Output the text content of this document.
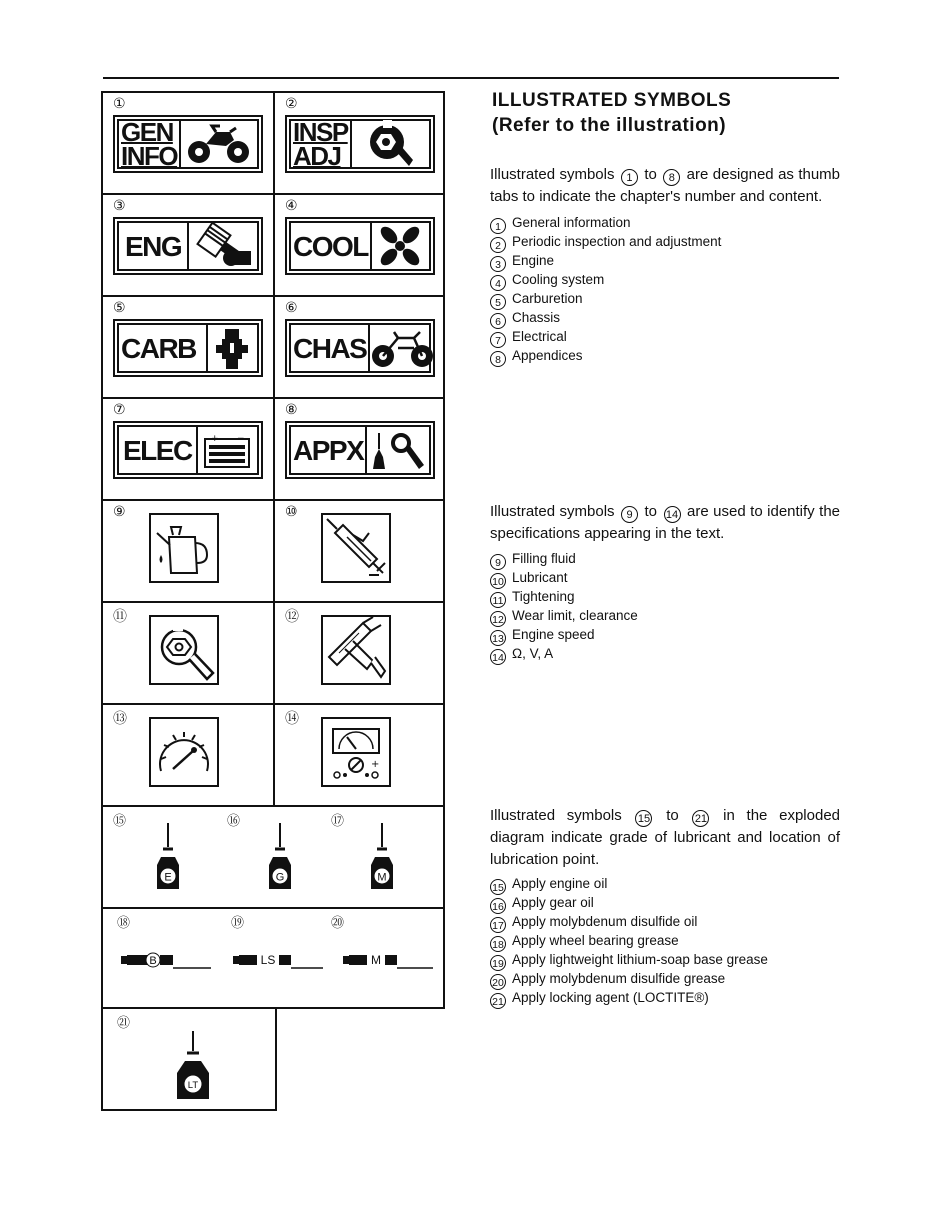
①
GEN
INFO
②
INSP
ADJ
③
ENG
④
COOL
⑤
CARB
⑥
CHAS
⑦
ELEC	+ −
⑧
APPX
⑨	⑩
⑪	⑫
⑬	⑭
+
⑮	⑯	⑰
E	G	M
⑱	⑲	⑳
B	LS	M
㉑
LT
ILLUSTRATED SYMBOLS
(Refer to the illustration)

Illustrated symbols 1 to 8 are designed as thumb tabs to indicate the chapter's number and content.

1 General information
2 Periodic inspection and adjustment
3 Engine
4 Cooling system
5 Carburetion
6 Chassis
7 Electrical
8 Appendices

Illustrated symbols 9 to 14 are used to identify the specifications appearing in the text.

9 Filling fluid
10 Lubricant
11 Tightening
12 Wear limit, clearance
13 Engine speed
14 Ω, V, A

Illustrated symbols 15 to 21 in the exploded diagram indicate grade of lubricant and location of lubrication point.

15 Apply engine oil
16 Apply gear oil
17 Apply molybdenum disulfide oil
18 Apply wheel bearing grease
19 Apply lightweight lithium-soap base grease
20 Apply molybdenum disulfide grease
21 Apply locking agent (LOCTITE®)
